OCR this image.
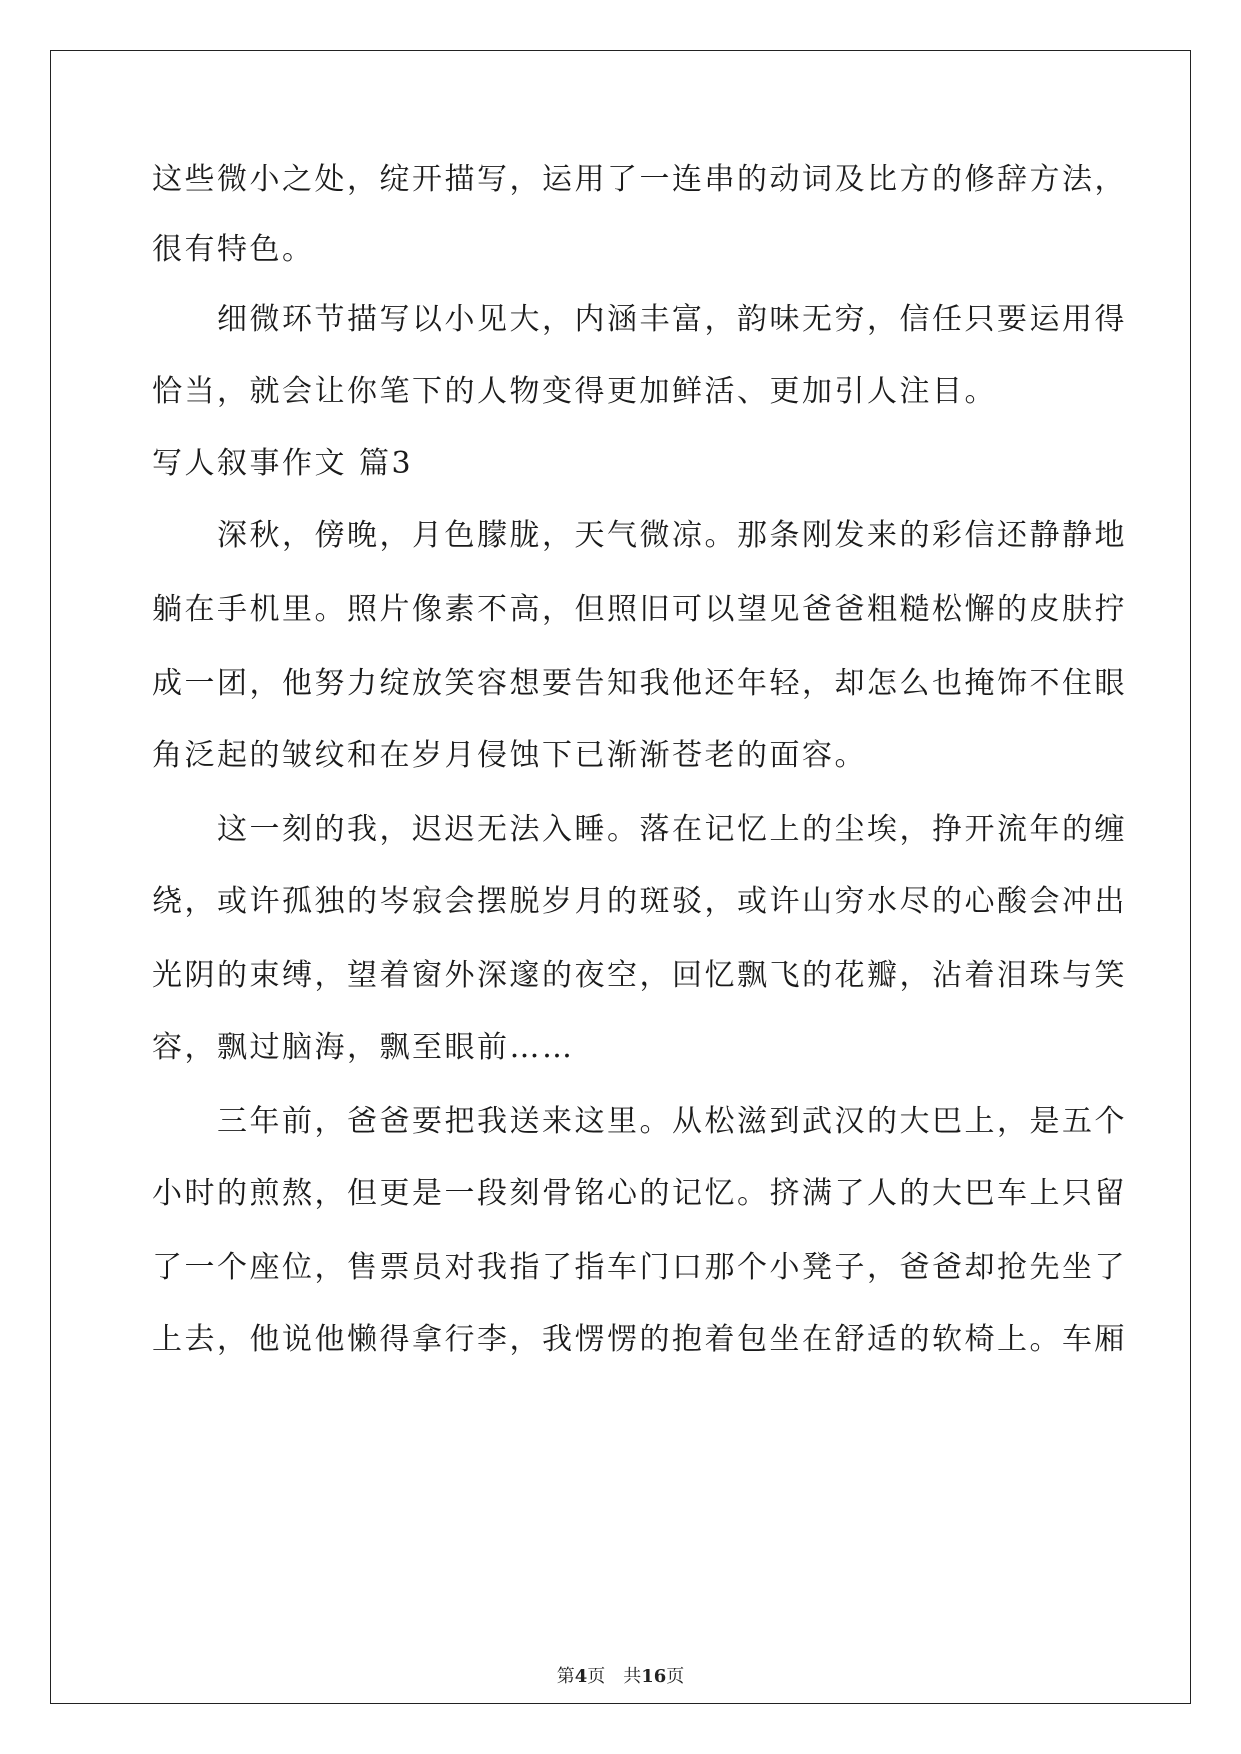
这些微小之处，绽开描写，运用了一连串的动词及比方的修辞方法，

很有特色。

　　细微环节描写以小见大，内涵丰富，韵味无穷，信任只要运用得

恰当，就会让你笔下的人物变得更加鲜活、更加引人注目。

写人叙事作文 篇3

　　深秋，傍晚，月色朦胧，天气微凉。那条刚发来的彩信还静静地

躺在手机里。照片像素不高，但照旧可以望见爸爸粗糙松懈的皮肤拧

成一团，他努力绽放笑容想要告知我他还年轻，却怎么也掩饰不住眼

角泛起的皱纹和在岁月侵蚀下已渐渐苍老的面容。

　　这一刻的我，迟迟无法入睡。落在记忆上的尘埃，挣开流年的缠

绕，或许孤独的岑寂会摆脱岁月的斑驳，或许山穷水尽的心酸会冲出

光阴的束缚，望着窗外深邃的夜空，回忆飘飞的花瓣，沾着泪珠与笑

容，飘过脑海，飘至眼前……

　　三年前，爸爸要把我送来这里。从松滋到武汉的大巴上，是五个

小时的煎熬，但更是一段刻骨铭心的记忆。挤满了人的大巴车上只留

了一个座位，售票员对我指了指车门口那个小凳子，爸爸却抢先坐了

上去，他说他懒得拿行李，我愣愣的抱着包坐在舒适的软椅上。车厢

第4页　共16页
